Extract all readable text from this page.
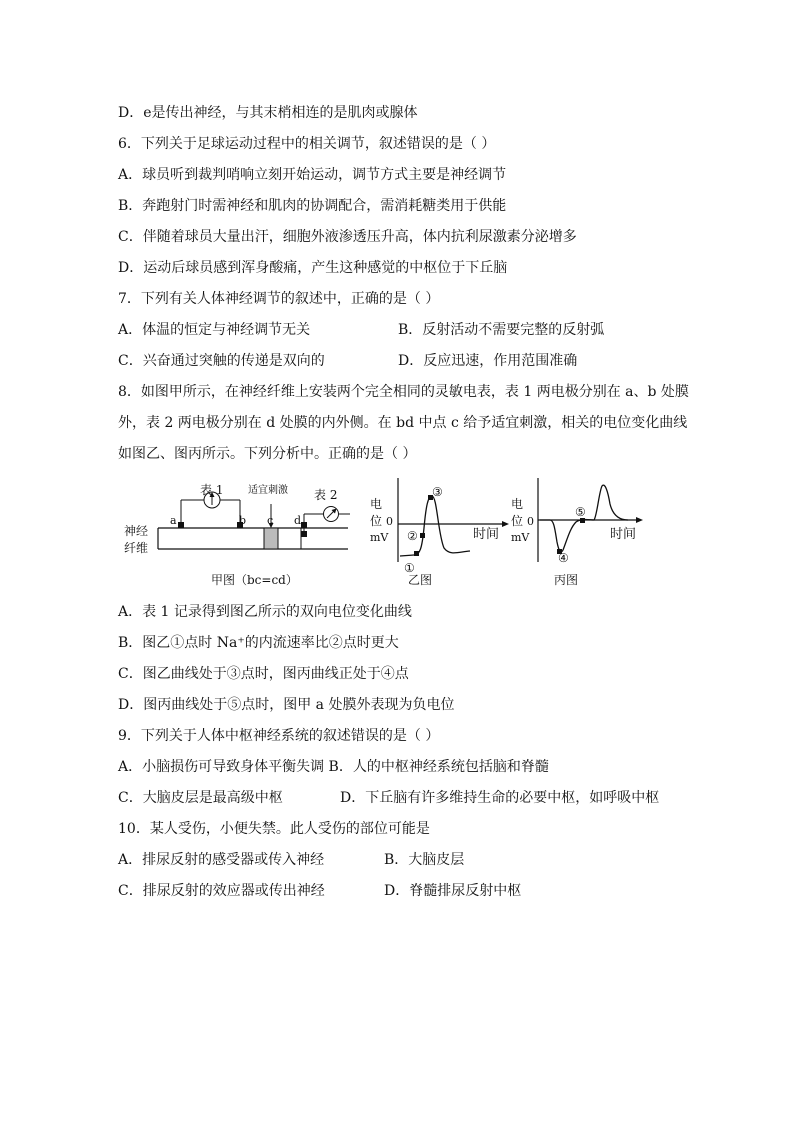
D．e是传出神经，与其末梢相连的是肌肉或腺体
6．下列关于足球运动过程中的相关调节，叙述错误的是（ ）
A．球员听到裁判哨响立刻开始运动，调节方式主要是神经调节
B．奔跑射门时需神经和肌肉的协调配合，需消耗糖类用于供能
C．伴随着球员大量出汗，细胞外液渗透压升高，体内抗利尿激素分泌增多
D．运动后球员感到浑身酸痛，产生这种感觉的中枢位于下丘脑
7．下列有关人体神经调节的叙述中，正确的是（ ）
A．体温的恒定与神经调节无关	B．反射活动不需要完整的反射弧
C．兴奋通过突触的传递是双向的	D．反应迅速，作用范围准确
8．如图甲所示，在神经纤维上安装两个完全相同的灵敏电表，表 1 两电极分别在 a、b 处膜
外，表 2 两电极分别在 d 处膜的内外侧。在 bd 中点 c 给予适宜刺激，相关的电位变化曲线
如图乙、图丙所示。下列分析中。正确的是（ ）
表 1	表 2
适宜刺激
a	b c d
神经
纤维
甲图（bc=cd）
电
位 0
mV	时间
①
②
③
乙图
电
位 0
mV	时间
④
⑤
丙图
A．表 1 记录得到图乙所示的双向电位变化曲线
B．图乙①点时 Na⁺的内流速率比②点时更大
C．图乙曲线处于③点时，图丙曲线正处于④点
D．图丙曲线处于⑤点时，图甲 a 处膜外表现为负电位
9．下列关于人体中枢神经系统的叙述错误的是（ ）
A．小脑损伤可导致身体平衡失调 B．人的中枢神经系统包括脑和脊髓
C．大脑皮层是最高级中枢	D．下丘脑有许多维持生命的必要中枢，如呼吸中枢
10．某人受伤，小便失禁。此人受伤的部位可能是
A．排尿反射的感受器或传入神经	B．大脑皮层
C．排尿反射的效应器或传出神经	D．脊髓排尿反射中枢
